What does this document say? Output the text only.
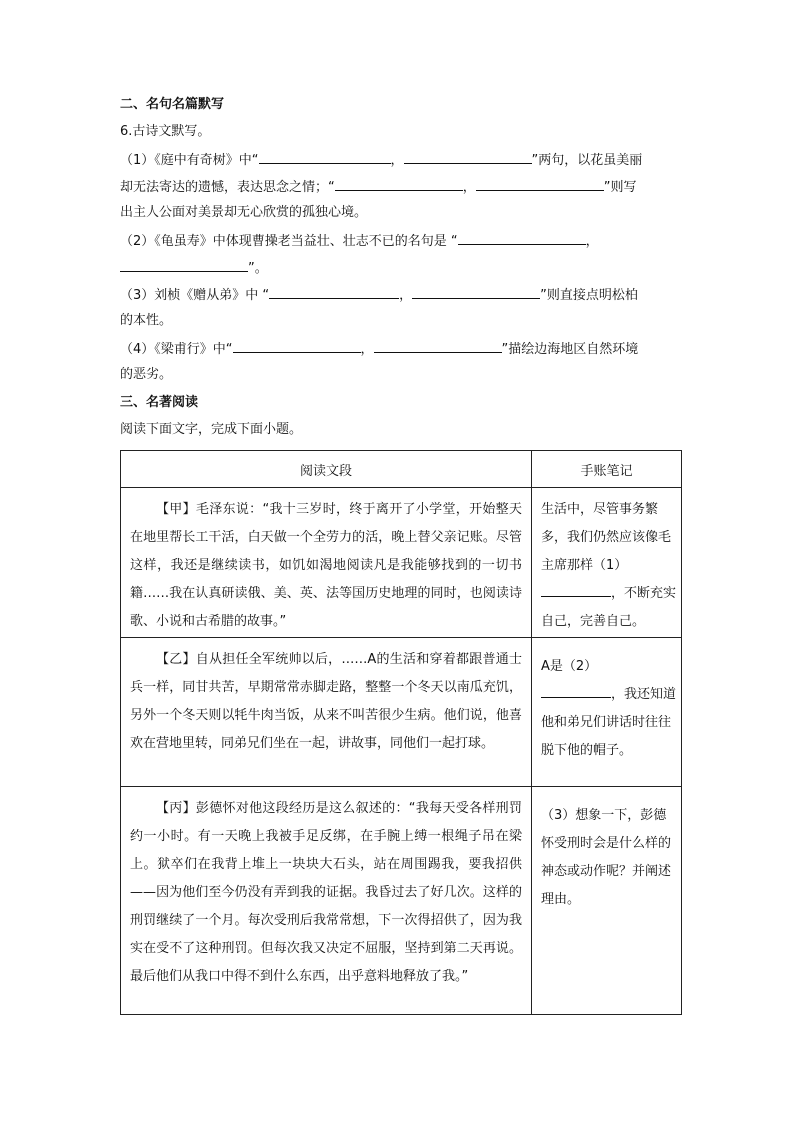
二、名句名篇默写
6.古诗文默写。
（1）《庭中有奇树》中“	，	”两句，以花虽美丽
却无法寄达的遗憾，表达思念之情；“	，	”则写
出主人公面对美景却无心欣赏的孤独心境。
（2）《龟虽寿》中体现曹操老当益壮、壮志不已的名句是 “	，
”。
（3）刘桢《赠从弟》中 “	，	”则直接点明松柏
的本性。
（4）《梁甫行》中“	，	”描绘边海地区自然环境
的恶劣。
三、名著阅读
阅读下面文字，完成下面小题。
阅读文段	手账笔记

【甲】毛泽东说：“我十三岁时，终于离开了小学堂，开始整天在地里帮长工干活，白天做一个全劳力的活，晚上替父亲记账。尽管这样，我还是继续读书，如饥如渴地阅读凡是我能够找到的一切书籍……我在认真研读俄、美、英、法等国历史地理的同时，也阅读诗歌、小说和古希腊的故事。”	生活中，尽管事务繁多，我们仍然应该像毛主席那样（1），不断充实自己，完善自己。

【乙】自从担任全军统帅以后，……A的生活和穿着都跟普通士兵一样，同甘共苦，早期常常赤脚走路，整整一个冬天以南瓜充饥，另外一个冬天则以牦牛肉当饭，从来不叫苦很少生病。他们说，他喜欢在营地里转，同弟兄们坐在一起，讲故事，同他们一起打球。	A是（2）
，我还知道他和弟兄们讲话时往往脱下他的帽子。

【丙】彭德怀对他这段经历是这么叙述的：“我每天受各样刑罚约一小时。有一天晚上我被手足反绑，在手腕上缚一根绳子吊在梁上。狱卒们在我背上堆上一块块大石头，站在周围踢我，要我招供——因为他们至今仍没有弄到我的证据。我昏过去了好几次。这样的刑罚继续了一个月。每次受刑后我常常想，下一次得招供了，因为我实在受不了这种刑罚。但每次我又决定不屈服，坚持到第二天再说。最后他们从我口中得不到什么东西，出乎意料地释放了我。”	（3）想象一下，彭德怀受刑时会是什么样的神态或动作呢？并阐述理由。
